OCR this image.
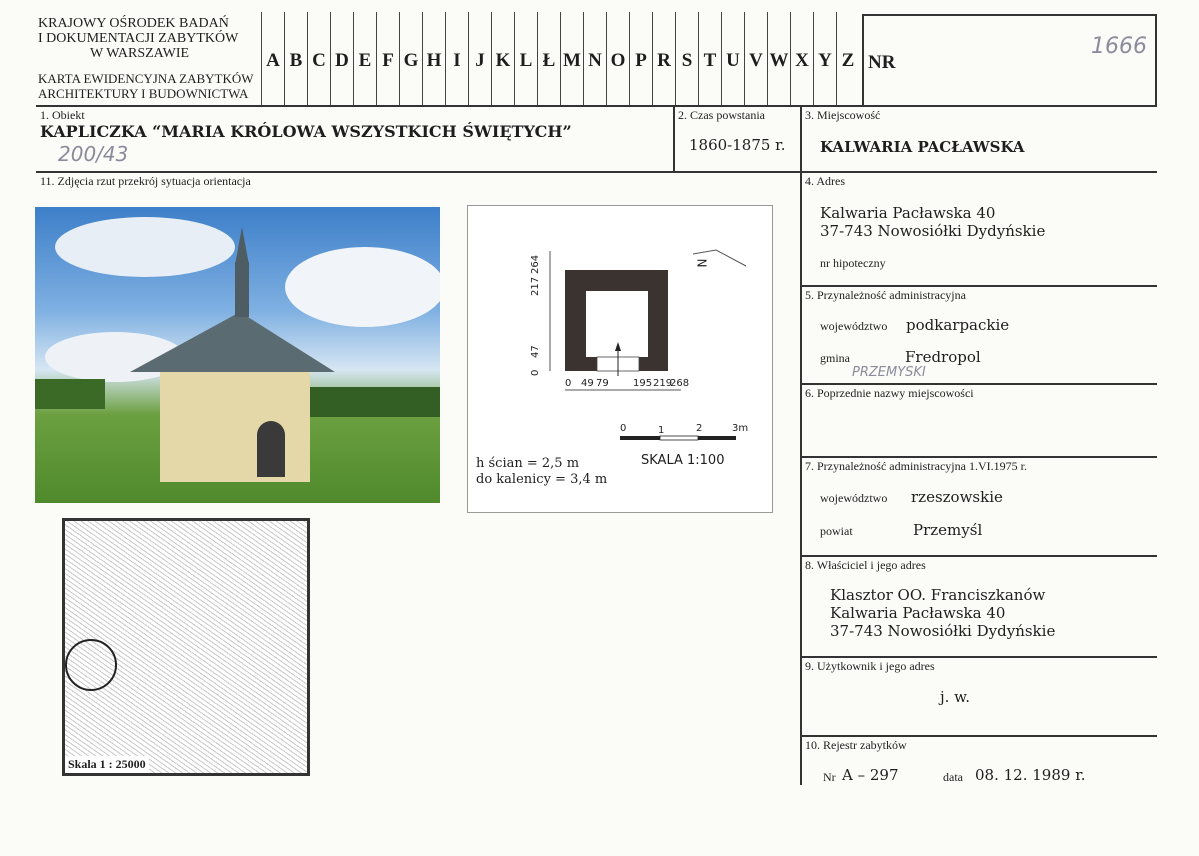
KRAJOWY OŚRODEK BADAŃ
I DOKUMENTACJI ZABYTKÓW
W WARSZAWIE
KARTA EWIDENCYJNA ZABYTKÓW
ARCHITEKTURY I BUDOWNICTWA
A B C D E F G H I J K L Ł M N O P R S T U V W X Y Z NR
1666
1. Obiekt
KAPLICZKA “MARIA KRÓLOWA WSZYSTKICH ŚWIĘTYCH”
200/43
2. Czas powstania
1860-1875 r.
3. Miejscowość
KALWARIA PACŁAWSKA
11. Zdjęcia rzut przekrój sytuacja orientacja
Skala 1 : 25000
217
264
0
47
0 49 79 195 219
268
N
0	1	2	3m
SKALA 1:100
h ścian = 2,5 m
do kalenicy = 3,4 m
4. Adres
Kalwaria Pacławska 40
37-743 Nowosiółki Dydyńskie
nr hipoteczny
5. Przynależność administracyjna
województwo podkarpackie
gmina	Fredropol
PRZEMYSKI
6. Poprzednie nazwy miejscowości
7. Przynależność administracyjna 1.VI.1975 r.
województwo rzeszowskie
powiat	Przemyśl
8. Właściciel i jego adres
Klasztor OO. Franciszkanów
Kalwaria Pacławska 40
37-743 Nowosiółki Dydyńskie
9. Użytkownik i jego adres
j. w.
10. Rejestr zabytków
Nr A – 297	data 08. 12. 1989 r.
